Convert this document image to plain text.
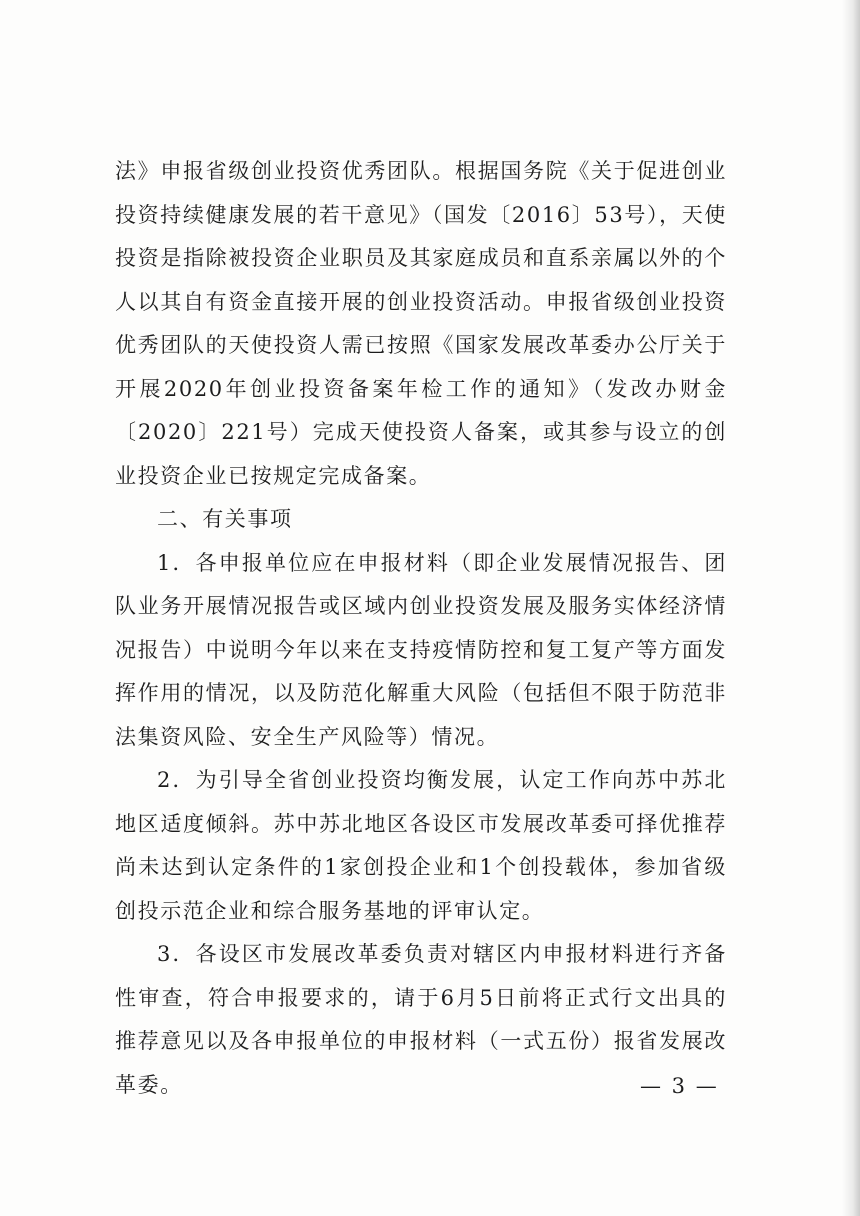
法》申报省级创业投资优秀团队。根据国务院《关于促进创业投资持续健康发展的若干意见》（国发〔2016〕53号），天使投资是指除被投资企业职员及其家庭成员和直系亲属以外的个人以其自有资金直接开展的创业投资活动。申报省级创业投资优秀团队的天使投资人需已按照《国家发展改革委办公厅关于开展2020年创业投资备案年检工作的通知》（发改办财金〔2020〕221号）完成天使投资人备案，或其参与设立的创业投资企业已按规定完成备案。

二、有关事项

1．各申报单位应在申报材料（即企业发展情况报告、团队业务开展情况报告或区域内创业投资发展及服务实体经济情况报告）中说明今年以来在支持疫情防控和复工复产等方面发挥作用的情况，以及防范化解重大风险（包括但不限于防范非法集资风险、安全生产风险等）情况。

2．为引导全省创业投资均衡发展，认定工作向苏中苏北地区适度倾斜。苏中苏北地区各设区市发展改革委可择优推荐尚未达到认定条件的1家创投企业和1个创投载体，参加省级创投示范企业和综合服务基地的评审认定。

3．各设区市发展改革委负责对辖区内申报材料进行齐备性审查，符合申报要求的，请于6月5日前将正式行文出具的推荐意见以及各申报单位的申报材料（一式五份）报省发展改革委。	— 3 —
